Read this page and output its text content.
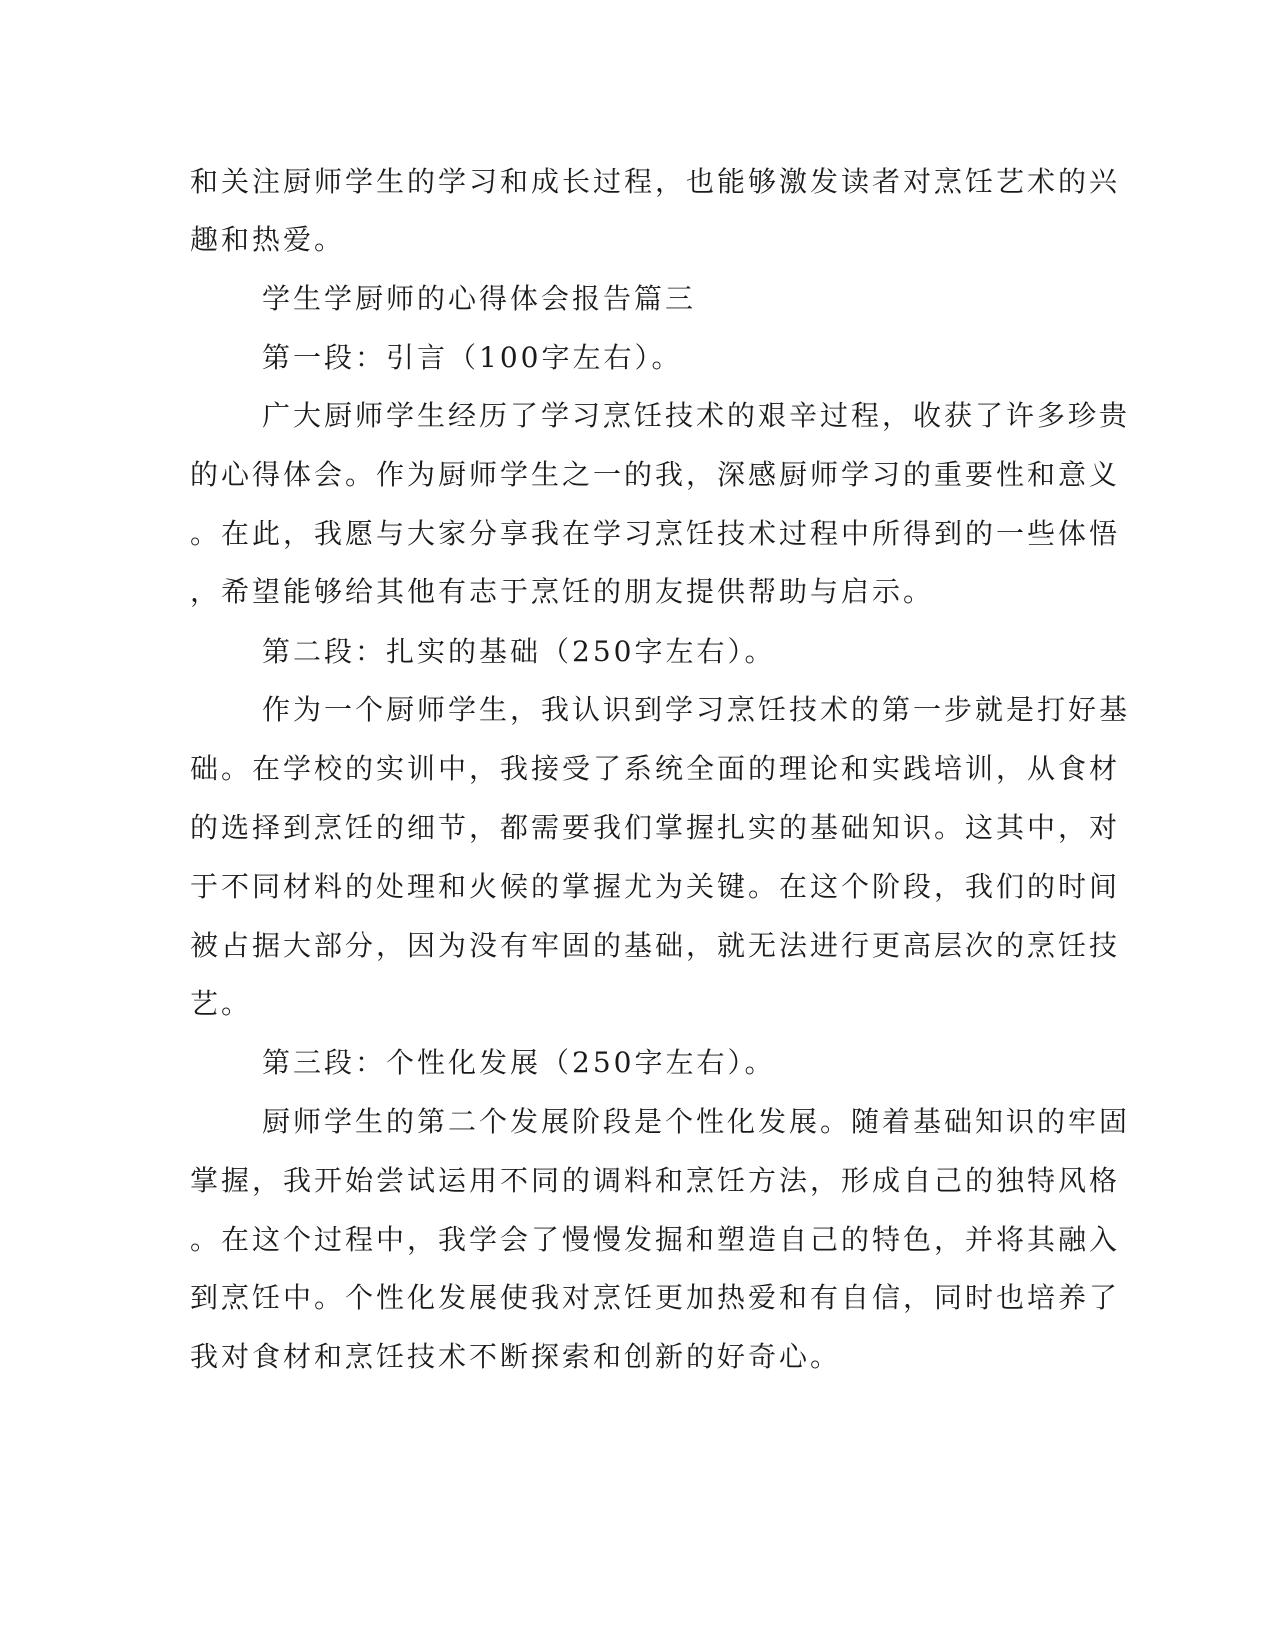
和关注厨师学生的学习和成长过程，也能够激发读者对烹饪艺术的兴
趣和热爱。
学生学厨师的心得体会报告篇三
第一段：引言（100字左右）。
广大厨师学生经历了学习烹饪技术的艰辛过程，收获了许多珍贵
的心得体会。作为厨师学生之一的我，深感厨师学习的重要性和意义
。在此，我愿与大家分享我在学习烹饪技术过程中所得到的一些体悟
，希望能够给其他有志于烹饪的朋友提供帮助与启示。
第二段：扎实的基础（250字左右）。
作为一个厨师学生，我认识到学习烹饪技术的第一步就是打好基
础。在学校的实训中，我接受了系统全面的理论和实践培训，从食材
的选择到烹饪的细节，都需要我们掌握扎实的基础知识。这其中，对
于不同材料的处理和火候的掌握尤为关键。在这个阶段，我们的时间
被占据大部分，因为没有牢固的基础，就无法进行更高层次的烹饪技
艺。
第三段：个性化发展（250字左右）。
厨师学生的第二个发展阶段是个性化发展。随着基础知识的牢固
掌握，我开始尝试运用不同的调料和烹饪方法，形成自己的独特风格
。在这个过程中，我学会了慢慢发掘和塑造自己的特色，并将其融入
到烹饪中。个性化发展使我对烹饪更加热爱和有自信，同时也培养了
我对食材和烹饪技术不断探索和创新的好奇心。
